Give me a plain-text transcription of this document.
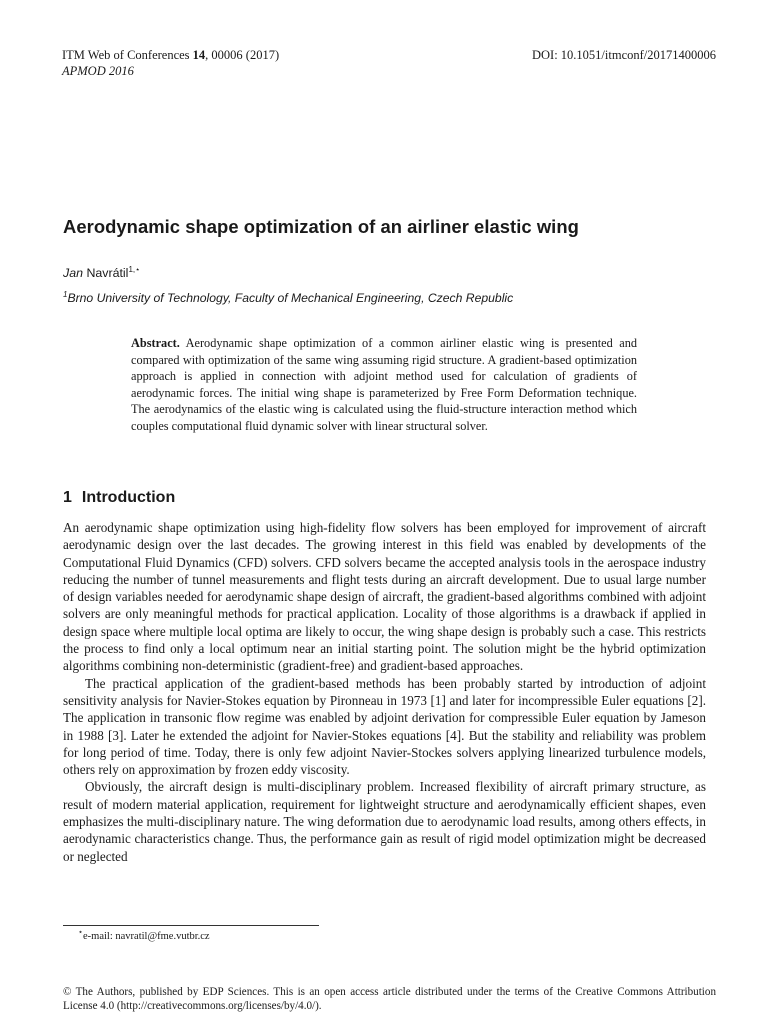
ITM Web of Conferences 14, 00006 (2017)
APMOD 2016
DOI: 10.1051/itmconf/20171400006
Aerodynamic shape optimization of an airliner elastic wing
Jan Navrátil$^{1,⋆}$
$^1$Brno University of Technology, Faculty of Mechanical Engineering, Czech Republic

Abstract. Aerodynamic shape optimization of a common airliner elastic wing is presented and compared with optimization of the same wing assuming rigid structure. A gradient-based optimization approach is applied in connection with adjoint method used for calculation of gradients of aerodynamic forces. The initial wing shape is parameterized by Free Form Deformation technique. The aerodynamics of the elastic wing is calculated using the fluid-structure interaction method which couples computational fluid dynamic solver with linear structural solver.

1 Introduction

An aerodynamic shape optimization using high-fidelity flow solvers has been employed for improvement of aircraft aerodynamic design over the last decades. The growing interest in this field was enabled by developments of the Computational Fluid Dynamics (CFD) solvers. CFD solvers became the accepted analysis tools in the aerospace industry reducing the number of tunnel measurements and flight tests during an aircraft development. Due to usual large number of design variables needed for aerodynamic shape design of aircraft, the gradient-based algorithms combined with adjoint solvers are only meaningful methods for practical application. Locality of those algorithms is a drawback if applied in design space where multiple local optima are likely to occur, the wing shape design is probably such a case. This restricts the process to find only a local optimum near an initial starting point. The solution might be the hybrid optimization algorithms combining non-deterministic (gradient-free) and gradient-based approaches.

The practical application of the gradient-based methods has been probably started by introduction of adjoint sensitivity analysis for Navier-Stokes equation by Pironneau in 1973 [1] and later for incompressible Euler equations [2]. The application in transonic flow regime was enabled by adjoint derivation for compressible Euler equation by Jameson in 1988 [3]. Later he extended the adjoint for Navier-Stokes equations [4]. But the stability and reliability was problem for long period of time. Today, there is only few adjoint Navier-Stockes solvers applying linearized turbulence models, others rely on approximation by frozen eddy viscosity.

Obviously, the aircraft design is multi-disciplinary problem. Increased flexibility of aircraft primary structure, as result of modern material application, requirement for lightweight structure and aerodynamically efficient shapes, even emphasizes the multi-disciplinary nature. The wing deformation due to aerodynamic load results, among others effects, in aerodynamic characteristics change. Thus, the performance gain as result of rigid model optimization might be decreased or neglected

⋆e-mail: navratil@fme.vutbr.cz

© The Authors, published by EDP Sciences. This is an open access article distributed under the terms of the Creative Commons Attribution License 4.0 (http://creativecommons.org/licenses/by/4.0/).
